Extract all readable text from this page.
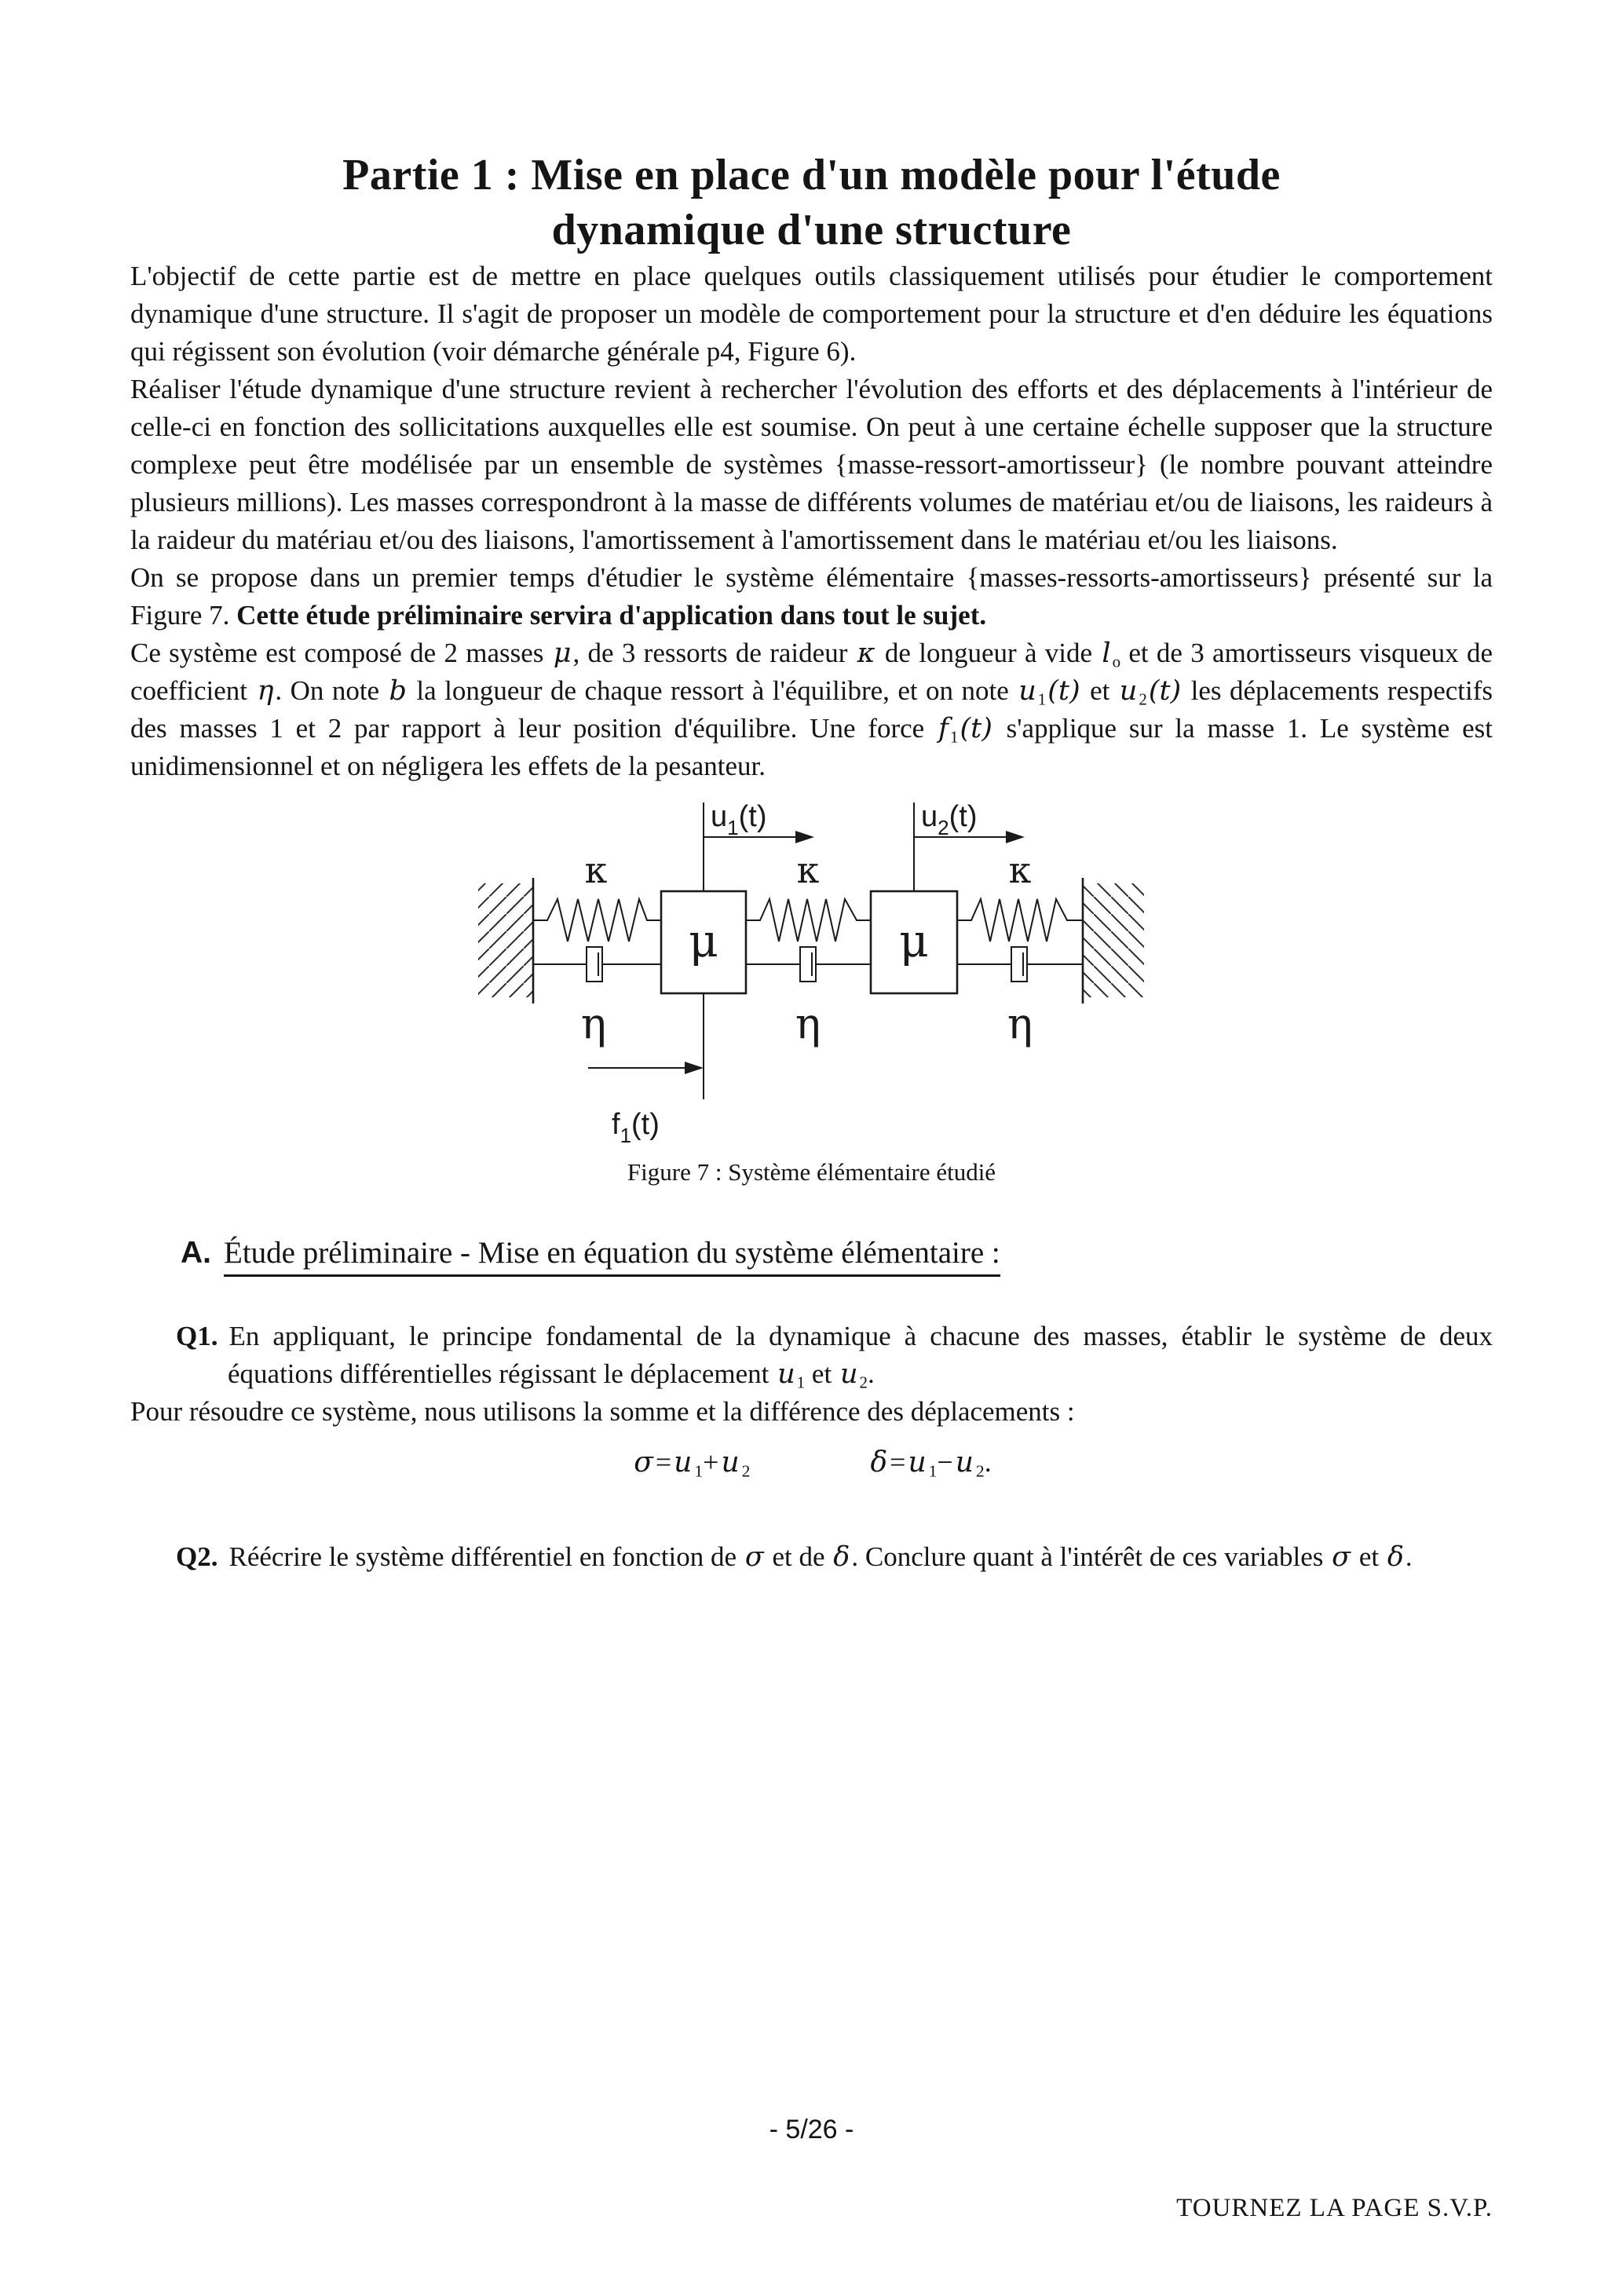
Partie 1 : Mise en place d'un modèle pour l'étude
dynamique d'une structure

L'objectif de cette partie est de mettre en place quelques outils classiquement utilisés pour étudier le comportement dynamique d'une structure. Il s'agit de proposer un modèle de comportement pour la structure et d'en déduire les équations qui régissent son évolution (voir démarche générale p4, Figure 6).

Réaliser l'étude dynamique d'une structure revient à rechercher l'évolution des efforts et des déplacements à l'intérieur de celle-ci en fonction des sollicitations auxquelles elle est soumise. On peut à une certaine échelle supposer que la structure complexe peut être modélisée par un ensemble de systèmes {masse-ressort-amortisseur} (le nombre pouvant atteindre plusieurs millions). Les masses correspondront à la masse de différents volumes de matériau et/ou de liaisons, les raideurs à la raideur du matériau et/ou des liaisons, l'amortissement à l'amortissement dans le matériau et/ou les liaisons.

On se propose dans un premier temps d'étudier le système élémentaire {masses-ressorts-amortisseurs} présenté sur la Figure 7. Cette étude préliminaire servira d'application dans tout le sujet.

Ce système est composé de 2 masses μ, de 3 ressorts de raideur κ de longueur à vide lo et de 3 amortisseurs visqueux de coefficient η. On note b la longueur de chaque ressort à l'équilibre, et on note u1(t) et u2(t) les déplacements respectifs des masses 1 et 2 par rapport à leur position d'équilibre. Une force f1(t) s'applique sur la masse 1. Le système est unidimensionnel et on négligera les effets de la pesanteur.

μ	μ
κ	κ	κ
η	η	η
$u_1(t)$	$u_2(t)$
$f_1(t)$
Figure 7 : Système élémentaire étudié
A. Étude préliminaire - Mise en équation du système élémentaire :
Q1. En appliquant, le principe fondamental de la dynamique à chacune des masses, établir le système de deux équations différentielles régissant le déplacement u1 et u2.

Pour résoudre ce système, nous utilisons la somme et la différence des déplacements :

σ=u 1+u 2	δ=u 1−u 2.
Q2. Réécrire le système différentiel en fonction de σ et de δ. Conclure quant à l'intérêt de ces variables σ et δ.
- 5/26 -
TOURNEZ LA PAGE S.V.P.
